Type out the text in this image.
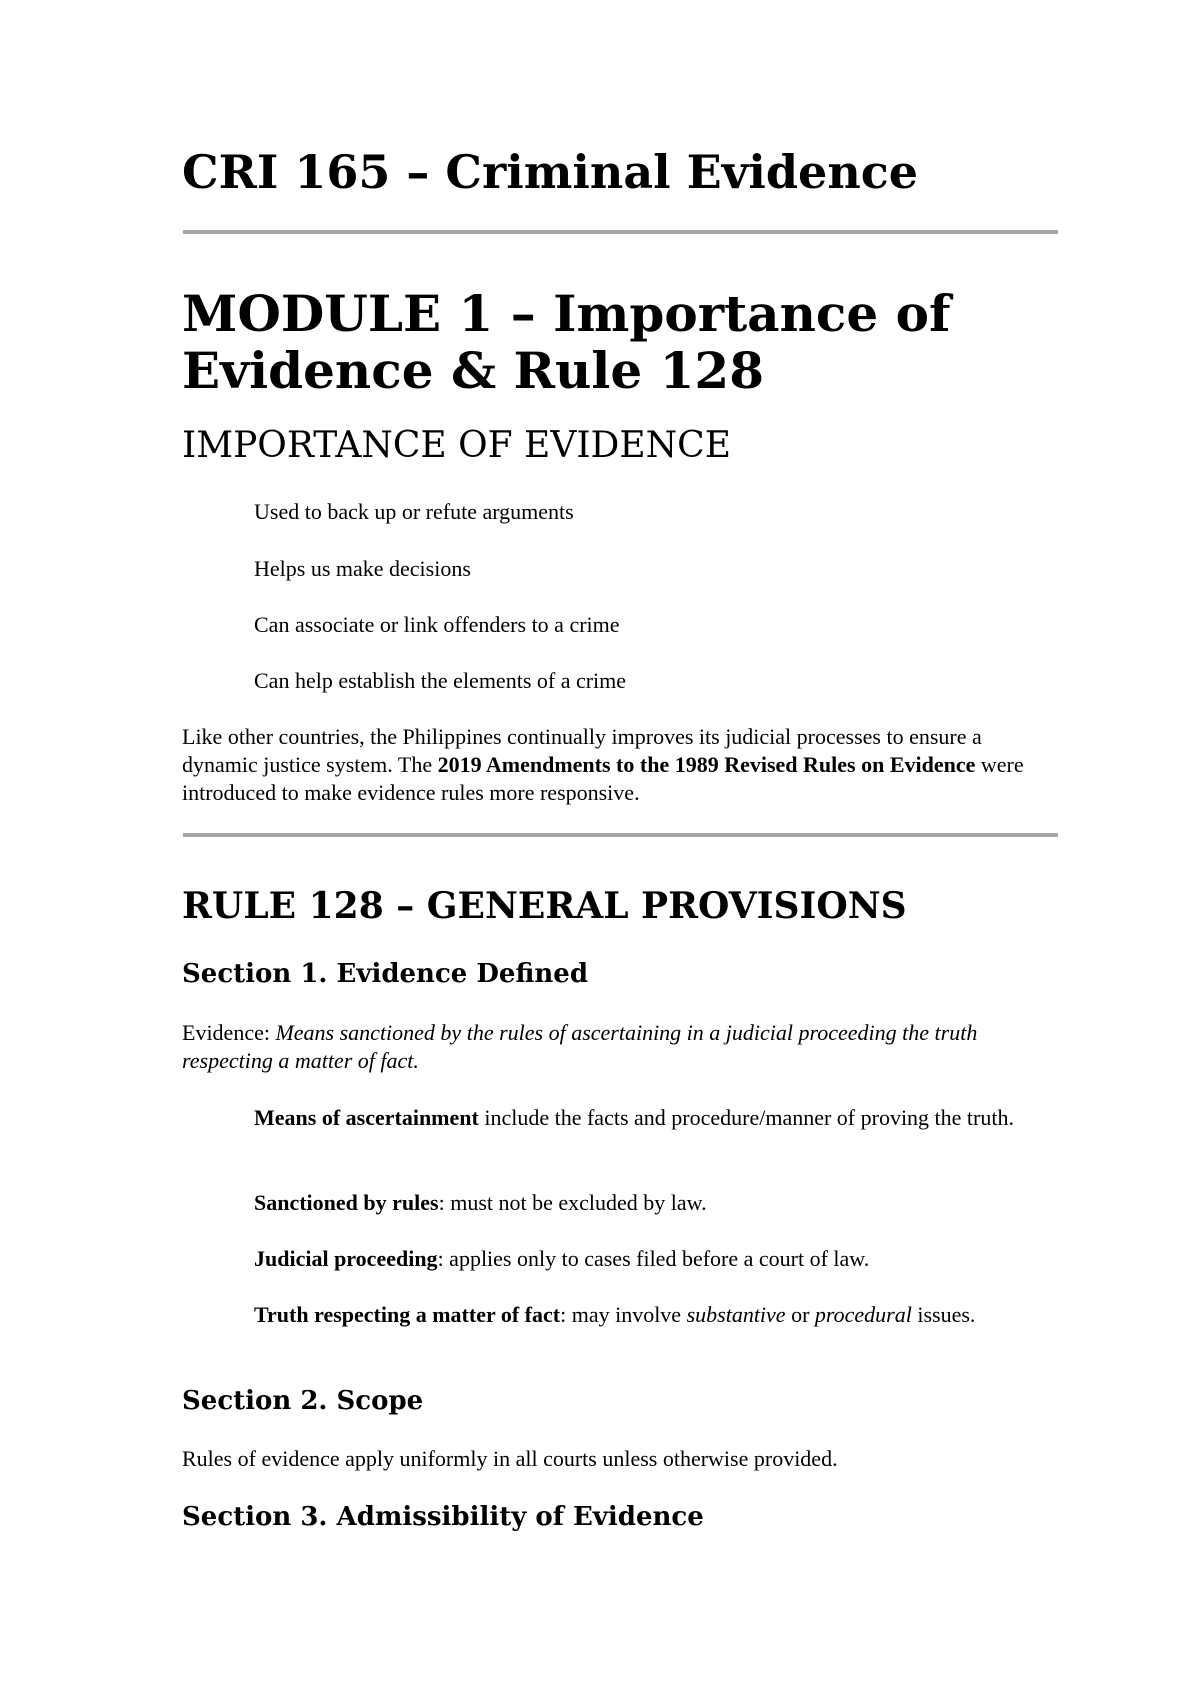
CRI 165 – Criminal Evidence
MODULE 1 – Importance of Evidence & Rule 128
IMPORTANCE OF EVIDENCE
Used to back up or refute arguments
Helps us make decisions
Can associate or link offenders to a crime
Can help establish the elements of a crime

Like other countries, the Philippines continually improves its judicial processes to ensure a dynamic justice system. The 2019 Amendments to the 1989 Revised Rules on Evidence were introduced to make evidence rules more responsive.

RULE 128 – GENERAL PROVISIONS
Section 1. Evidence Defined

Evidence: Means sanctioned by the rules of ascertaining in a judicial proceeding the truth respecting a matter of fact.

Means of ascertainment include the facts and procedure/manner of proving the truth.

Sanctioned by rules: must not be excluded by law.

Judicial proceeding: applies only to cases filed before a court of law.

Truth respecting a matter of fact: may involve substantive or procedural issues.

Section 2. Scope

Rules of evidence apply uniformly in all courts unless otherwise provided.

Section 3. Admissibility of Evidence
